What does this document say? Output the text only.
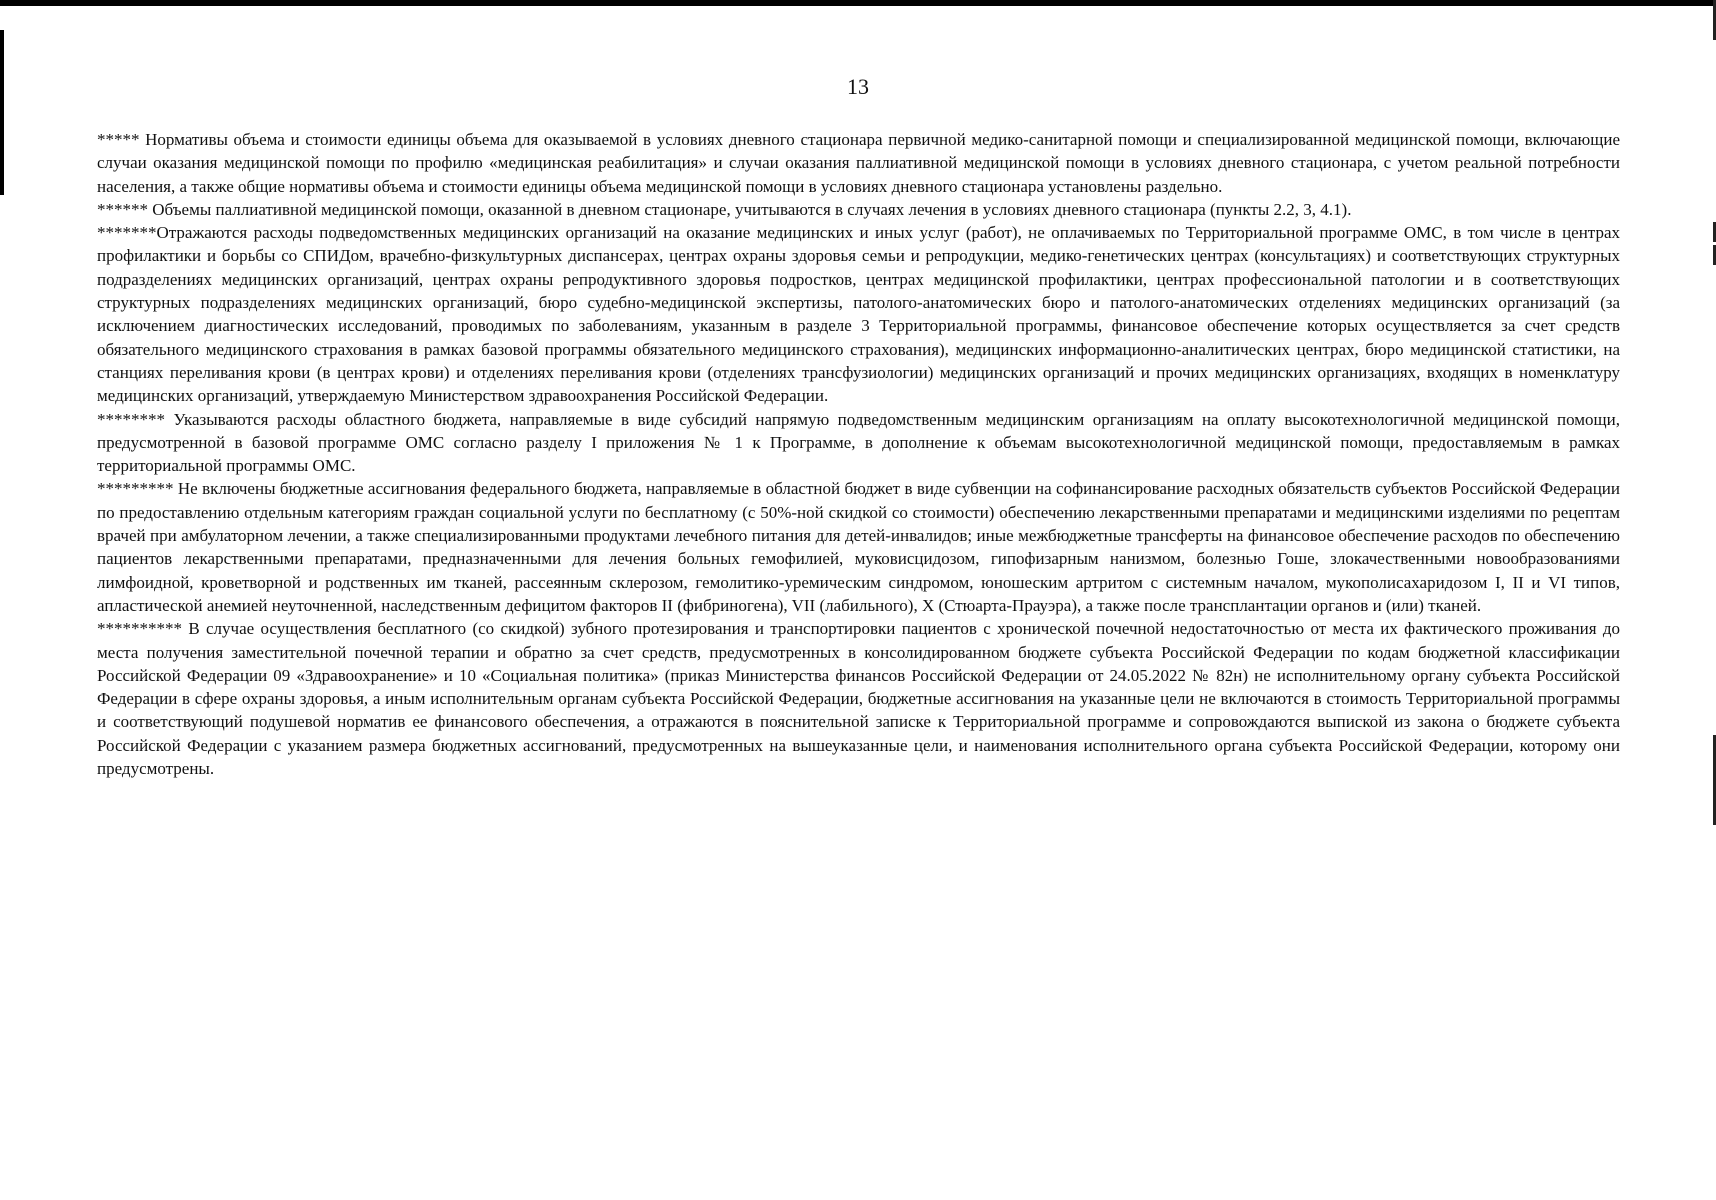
13

***** Нормативы объема и стоимости единицы объема для оказываемой в условиях дневного стационара первичной медико-санитарной помощи и специализированной медицинской помощи, включающие случаи оказания медицинской помощи по профилю «медицинская реабилитация» и случаи оказания паллиативной медицинской помощи в условиях дневного стационара, с учетом реальной потребности населения, а также общие нормативы объема и стоимости единицы объема медицинской помощи в условиях дневного стационара установлены раздельно.

****** Объемы паллиативной медицинской помощи, оказанной в дневном стационаре, учитываются в случаях лечения в условиях дневного стационара (пункты 2.2, 3, 4.1).

*******Отражаются расходы подведомственных медицинских организаций на оказание медицинских и иных услуг (работ), не оплачиваемых по Территориальной программе ОМС, в том числе в центрах профилактики и борьбы со СПИДом, врачебно-физкультурных диспансерах, центрах охраны здоровья семьи и репродукции, медико-генетических центрах (консультациях) и соответствующих структурных подразделениях медицинских организаций, центрах охраны репродуктивного здоровья подростков, центрах медицинской профилактики, центрах профессиональной патологии и в соответствующих структурных подразделениях медицинских организаций, бюро судебно-медицинской экспертизы, патолого-анатомических бюро и патолого-анатомических отделениях медицинских организаций (за исключением диагностических исследований, проводимых по заболеваниям, указанным в разделе 3 Территориальной программы, финансовое обеспечение которых осуществляется за счет средств обязательного медицинского страхования в рамках базовой программы обязательного медицинского страхования), медицинских информационно-аналитических центрах, бюро медицинской статистики, на станциях переливания крови (в центрах крови) и отделениях переливания крови (отделениях трансфузиологии) медицинских организаций и прочих медицинских организациях, входящих в номенклатуру медицинских организаций, утверждаемую Министерством здравоохранения Российской Федерации.

******** Указываются расходы областного бюджета, направляемые в виде субсидий напрямую подведомственным медицинским организациям на оплату высокотехнологичной медицинской помощи, предусмотренной в базовой программе ОМС согласно разделу I приложения № 1 к Программе, в дополнение к объемам высокотехнологичной медицинской помощи, предоставляемым в рамках территориальной программы ОМС.

********* Не включены бюджетные ассигнования федерального бюджета, направляемые в областной бюджет в виде субвенции на софинансирование расходных обязательств субъектов Российской Федерации по предоставлению отдельным категориям граждан социальной услуги по бесплатному (с 50%-ной скидкой со стоимости) обеспечению лекарственными препаратами и медицинскими изделиями по рецептам врачей при амбулаторном лечении, а также специализированными продуктами лечебного питания для детей-инвалидов; иные межбюджетные трансферты на финансовое обеспечение расходов по обеспечению пациентов лекарственными препаратами, предназначенными для лечения больных гемофилией, муковисцидозом, гипофизарным нанизмом, болезнью Гоше, злокачественными новообразованиями лимфоидной, кроветворной и родственных им тканей, рассеянным склерозом, гемолитико-уремическим синдромом, юношеским артритом с системным началом, мукополисахаридозом I, II и VI типов, апластической анемией неуточненной, наследственным дефицитом факторов II (фибриногена), VII (лабильного), X (Стюарта-Прауэра), а также после трансплантации органов и (или) тканей.

********** В случае осуществления бесплатного (со скидкой) зубного протезирования и транспортировки пациентов с хронической почечной недостаточностью от места их фактического проживания до места получения заместительной почечной терапии и обратно за счет средств, предусмотренных в консолидированном бюджете субъекта Российской Федерации по кодам бюджетной классификации Российской Федерации 09 «Здравоохранение» и 10 «Социальная политика» (приказ Министерства финансов Российской Федерации от 24.05.2022 № 82н) не исполнительному органу субъекта Российской Федерации в сфере охраны здоровья, а иным исполнительным органам субъекта Российской Федерации, бюджетные ассигнования на указанные цели не включаются в стоимость Территориальной программы и соответствующий подушевой норматив ее финансового обеспечения, а отражаются в пояснительной записке к Территориальной программе и сопровождаются выпиской из закона о бюджете субъекта Российской Федерации с указанием размера бюджетных ассигнований, предусмотренных на вышеуказанные цели, и наименования исполнительного органа субъекта Российской Федерации, которому они предусмотрены.
